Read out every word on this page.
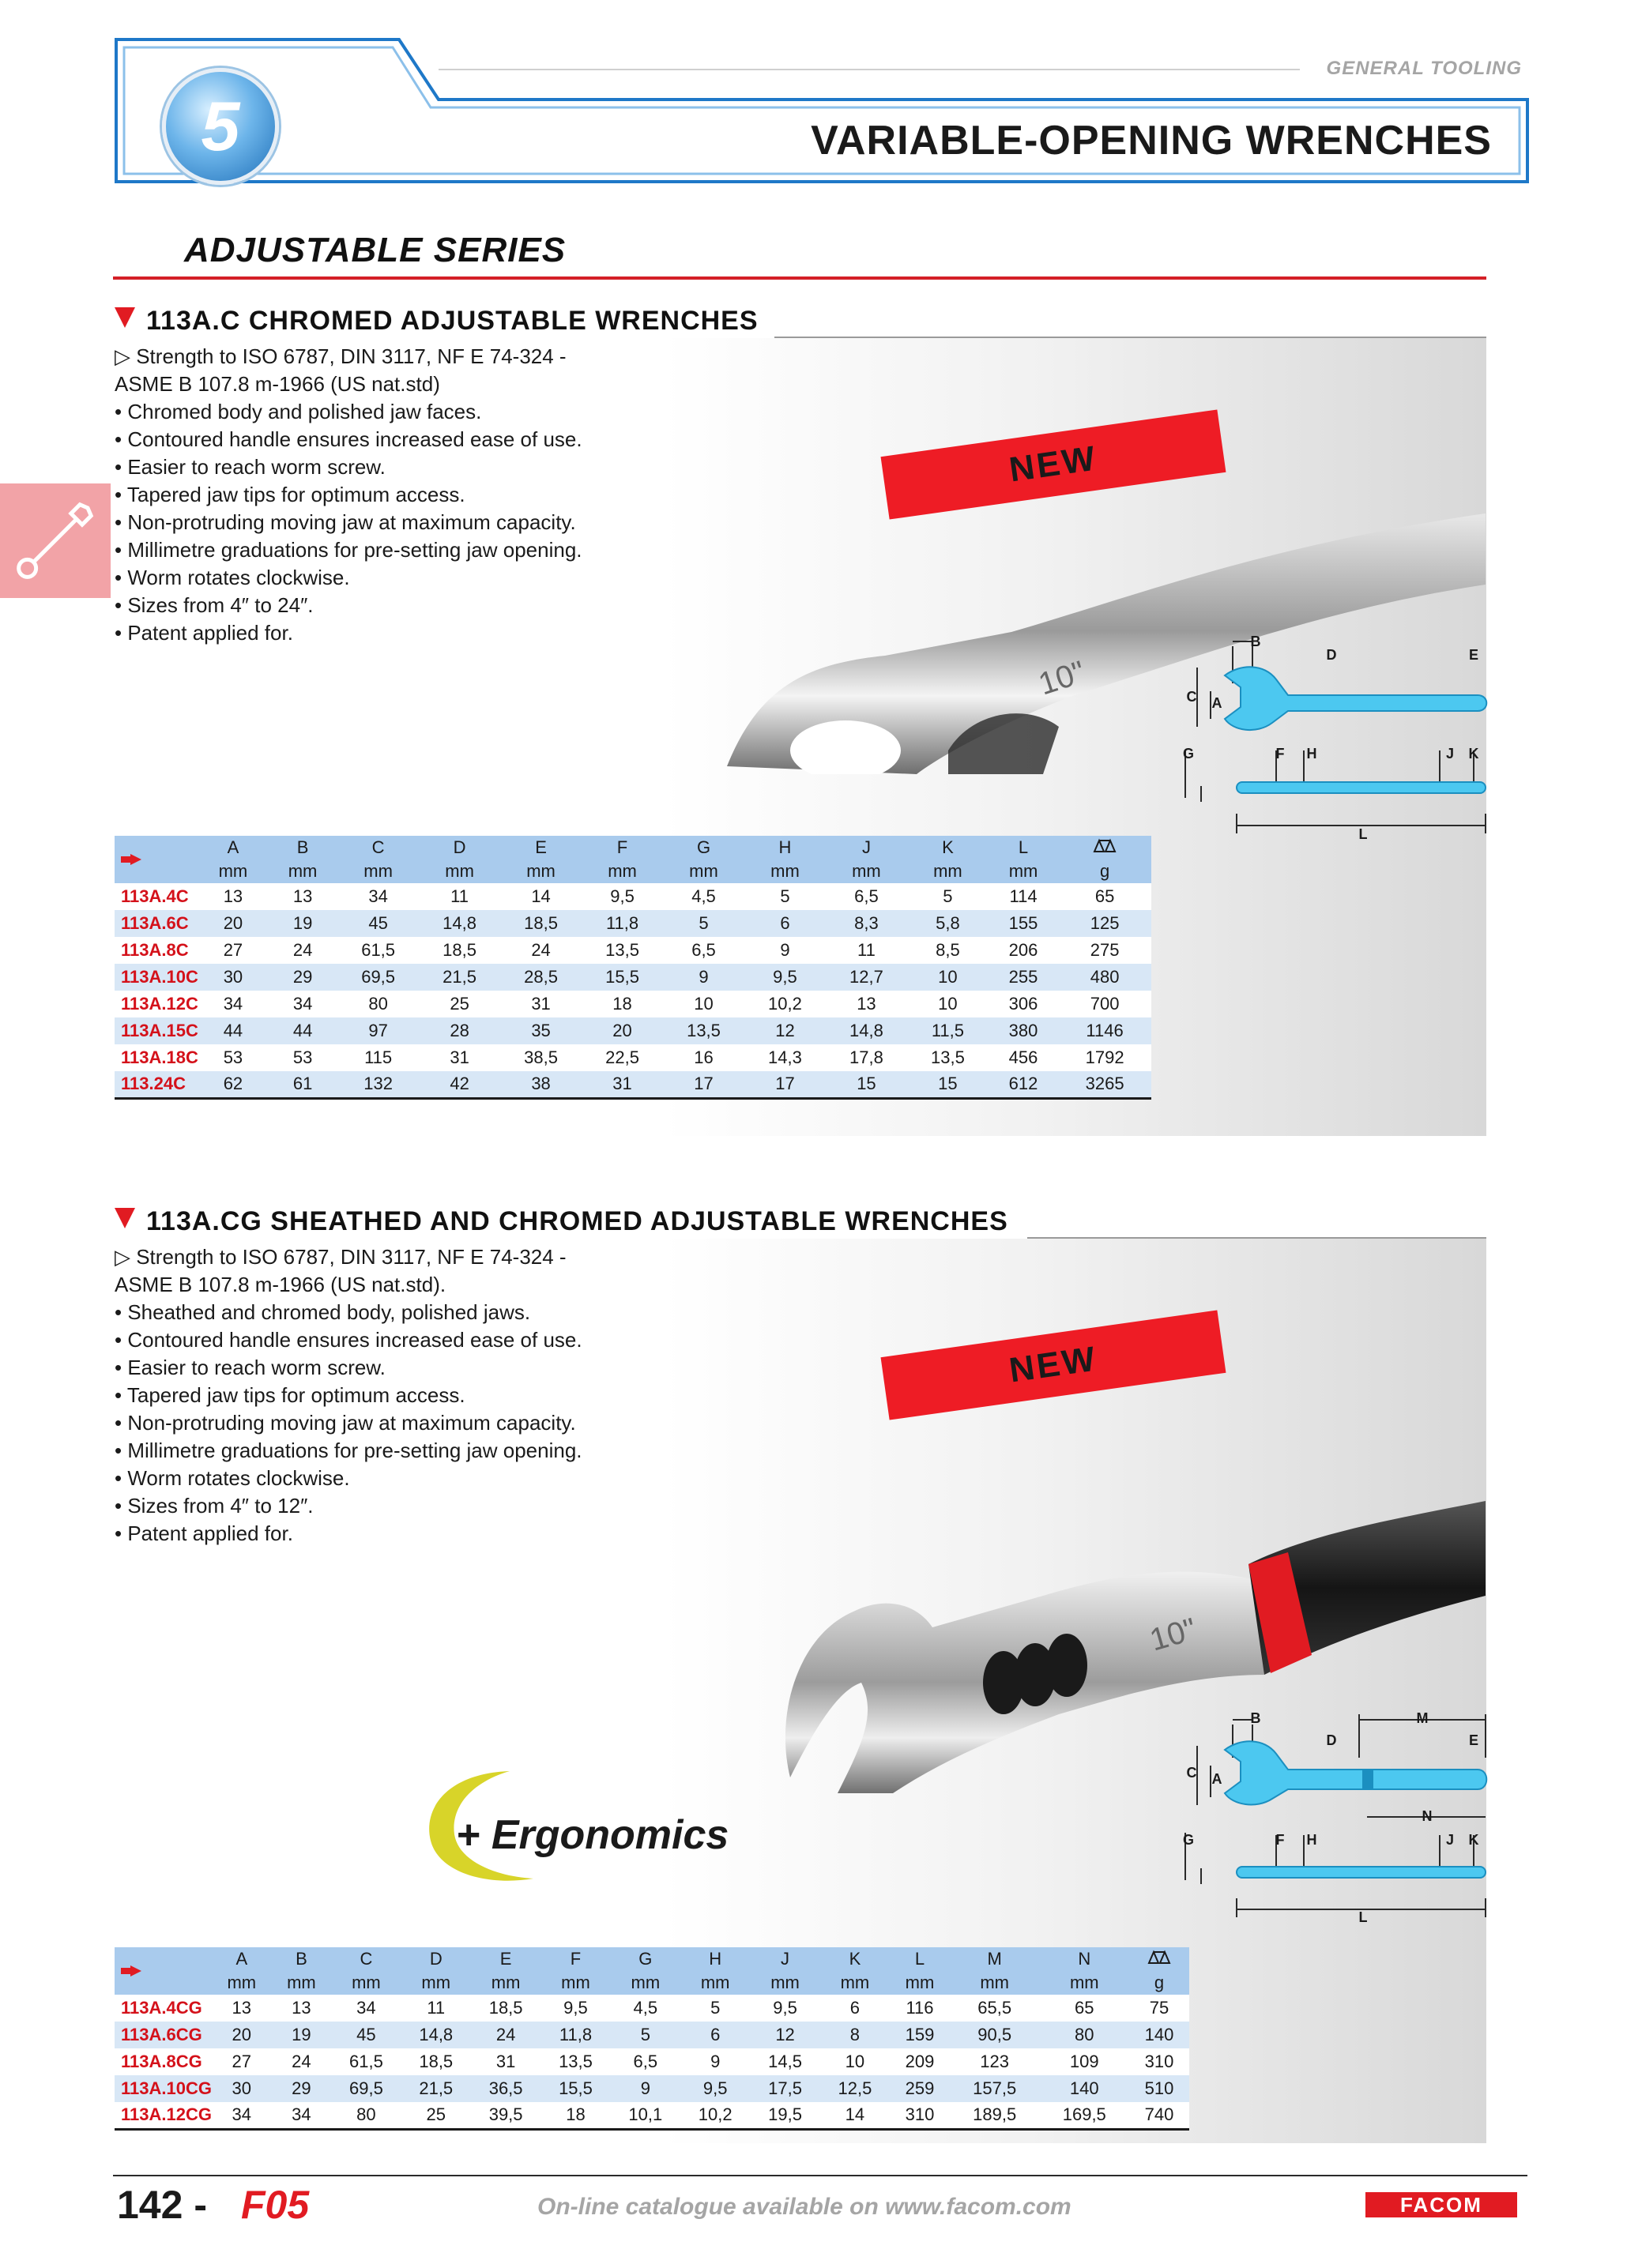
5
GENERAL TOOLING
VARIABLE-OPENING WRENCHES
ADJUSTABLE SERIES
113A.C CHROMED ADJUSTABLE WRENCHES
▷ Strength to ISO 6787, DIN 3117, NF E 74-324 -
ASME B 107.8 m-1966 (US nat.std)
• Chromed body and polished jaw faces.
• Contoured handle ensures increased ease of use.
• Easier to reach worm screw.
• Tapered jaw tips for optimum access.
• Non-protruding moving jaw at maximum capacity.
• Millimetre graduations for pre-setting jaw opening.
• Worm rotates clockwise.
• Sizes from 4″ to 24″.
• Patent applied for.
NEW
10"
B
D	E
C A
G	F H	J K
L
	A	B	C	D	E	F	G	H	J	K	L	
	mm	mm	mm	mm	mm	mm	mm	mm	mm	mm	mm	g
113A.4C	13	13	34	11	14	9,5	4,5	5	6,5	5	114	65
113A.6C	20	19	45	14,8	18,5	11,8	5	6	8,3	5,8	155	125
113A.8C	27	24	61,5	18,5	24	13,5	6,5	9	11	8,5	206	275
113A.10C	30	29	69,5	21,5	28,5	15,5	9	9,5	12,7	10	255	480
113A.12C	34	34	80	25	31	18	10	10,2	13	10	306	700
113A.15C	44	44	97	28	35	20	13,5	12	14,8	11,5	380	1146
113A.18C	53	53	115	31	38,5	22,5	16	14,3	17,8	13,5	456	1792
113.24C	62	61	132	42	38	31	17	17	15	15	612	3265
113A.CG SHEATHED AND CHROMED ADJUSTABLE WRENCHES
▷ Strength to ISO 6787, DIN 3117, NF E 74-324 -
ASME B 107.8 m-1966 (US nat.std).
• Sheathed and chromed body, polished jaws.
• Contoured handle ensures increased ease of use.
• Easier to reach worm screw.
• Tapered jaw tips for optimum access.
• Non-protruding moving jaw at maximum capacity.
• Millimetre graduations for pre-setting jaw opening.
• Worm rotates clockwise.
• Sizes from 4″ to 12″.
• Patent applied for.
NEW
10"
+ Ergonomics
B	M
D	E
C A
N
G	F H	J K
L
	A	B	C	D	E	F	G	H	J	K	L	M	N	
	mm	mm	mm	mm	mm	mm	mm	mm	mm	mm	mm	mm	mm	g
113A.4CG	13	13	34	11	18,5	9,5	4,5	5	9,5	6	116	65,5	65	75
113A.6CG	20	19	45	14,8	24	11,8	5	6	12	8	159	90,5	80	140
113A.8CG	27	24	61,5	18,5	31	13,5	6,5	9	14,5	10	209	123	109	310
113A.10CG	30	29	69,5	21,5	36,5	15,5	9	9,5	17,5	12,5	259	157,5	140	510
113A.12CG	34	34	80	25	39,5	18	10,1	10,2	19,5	14	310	189,5	169,5	740
142 - F05	On-line catalogue available on www.facom.com	FACOM
